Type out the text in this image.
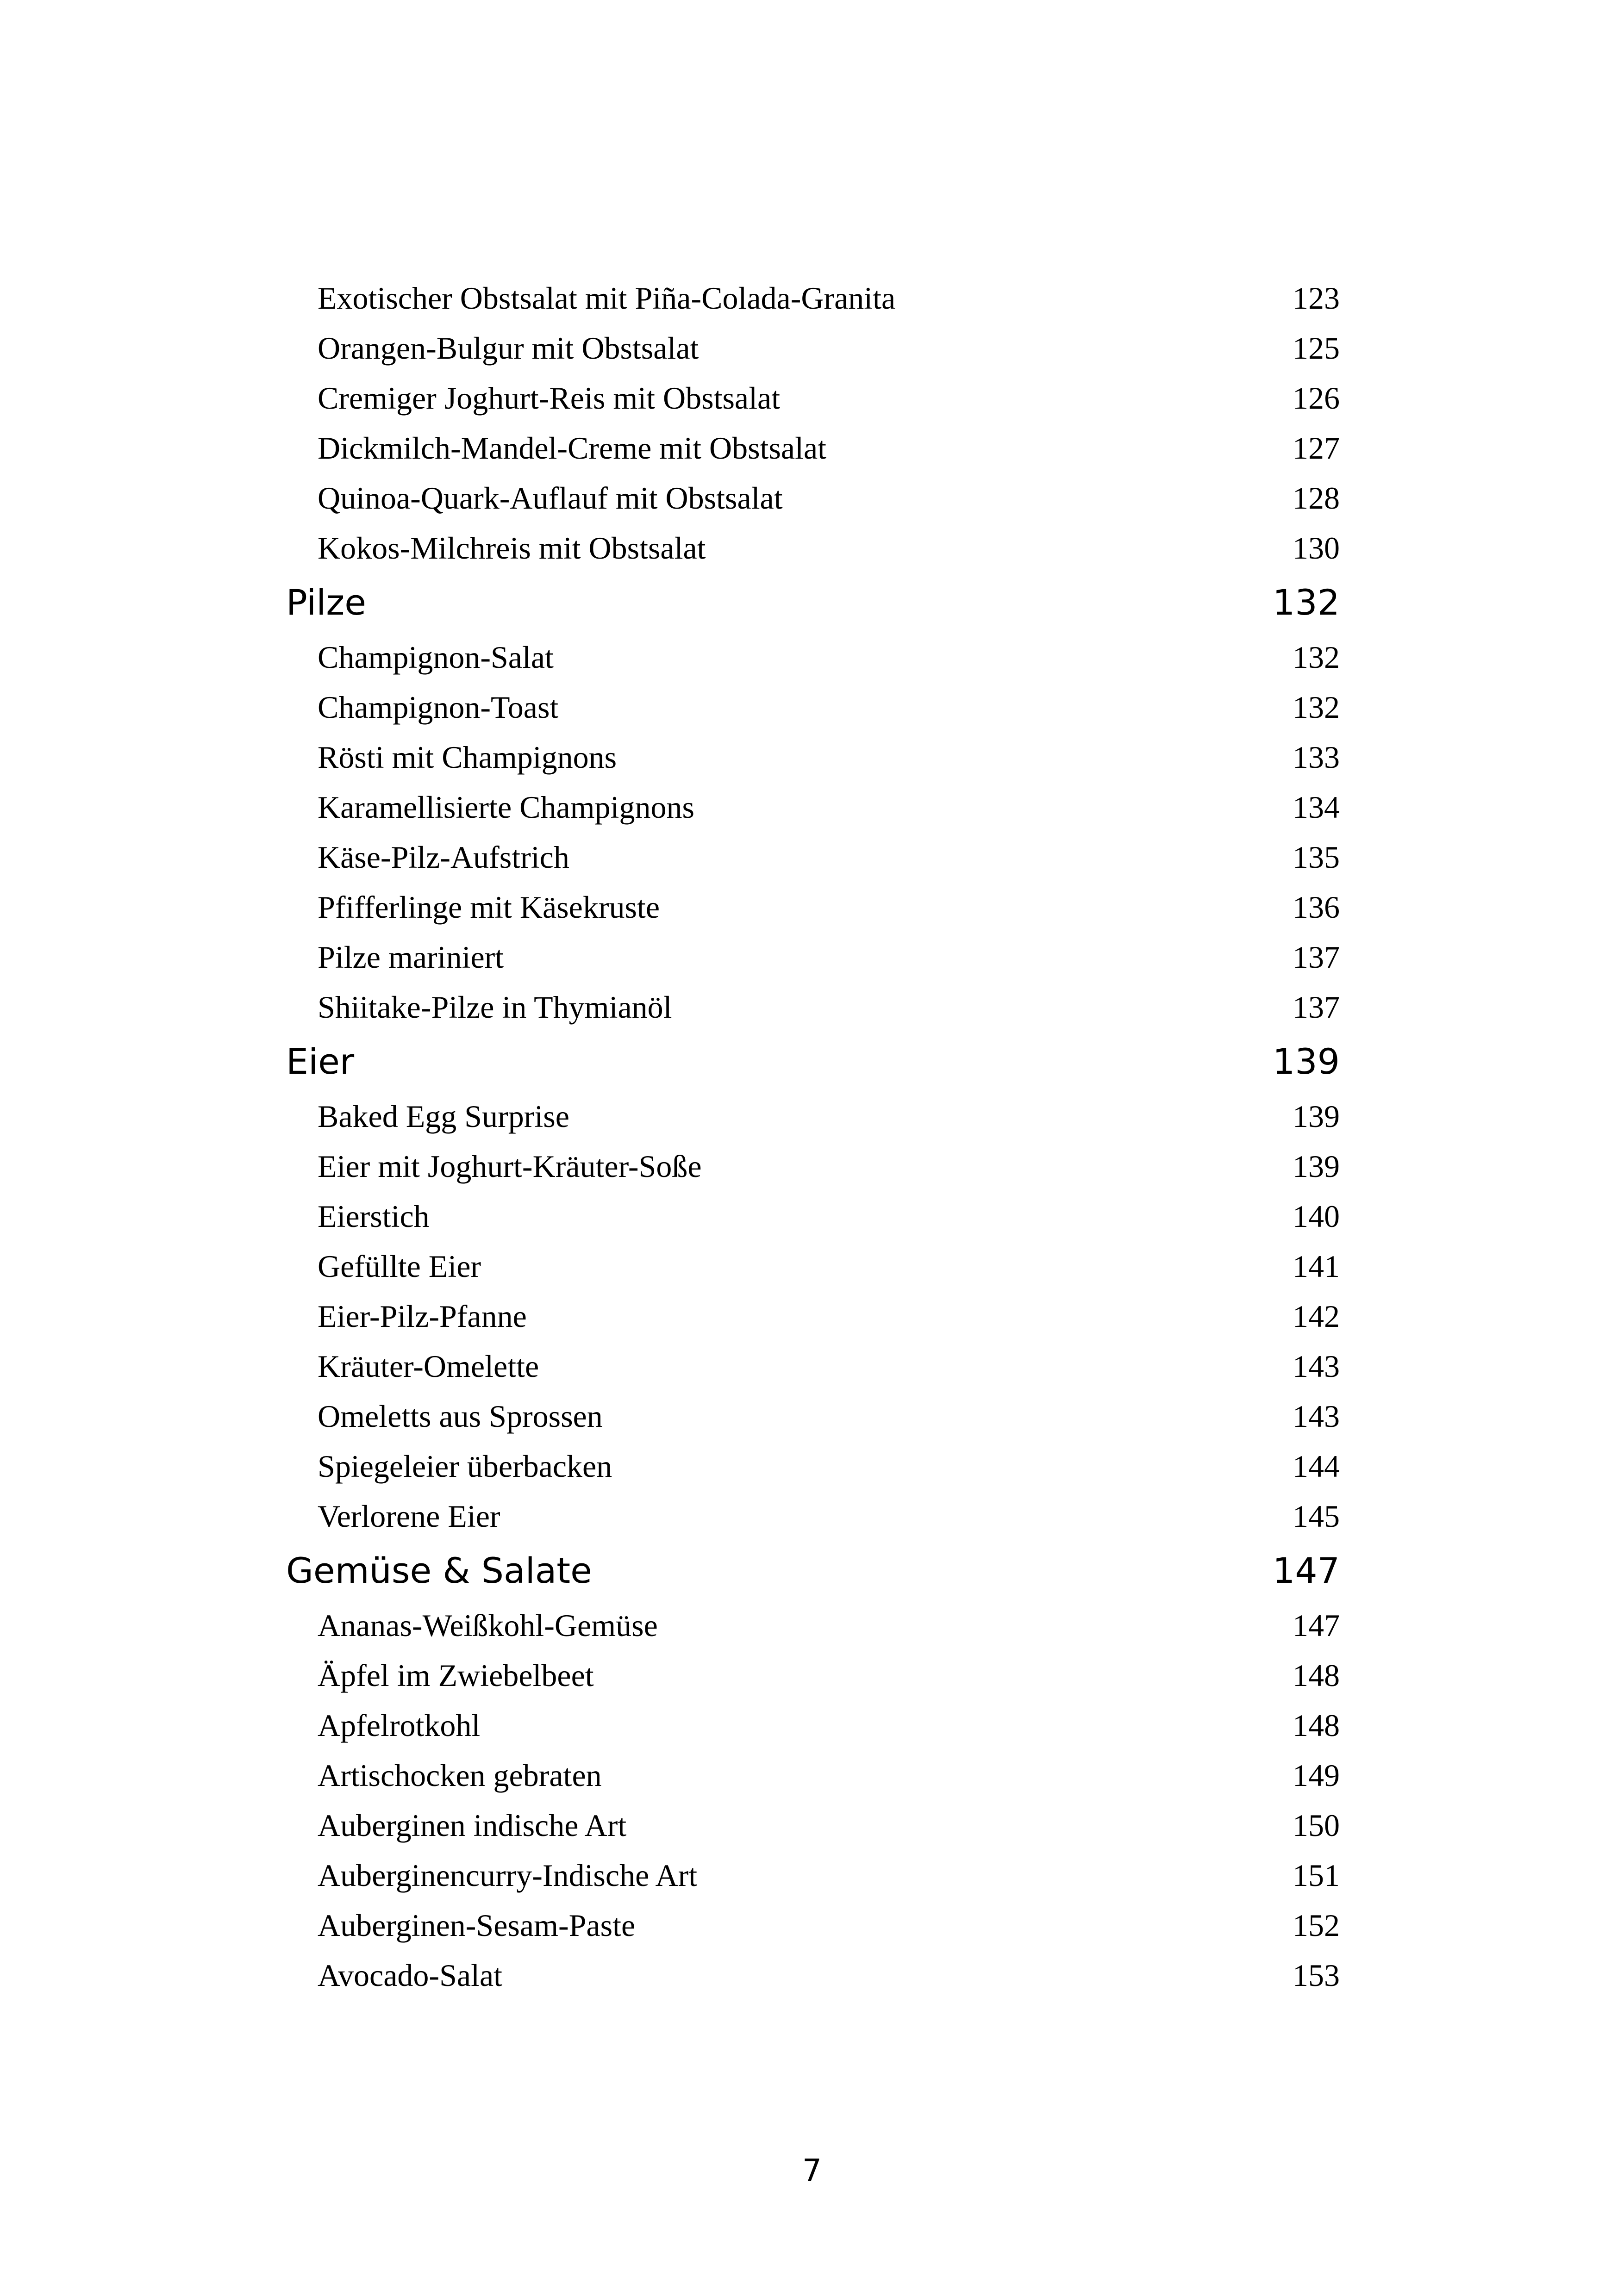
Exotischer Obstsalat mit Piña-Colada-Granita	123
Orangen-Bulgur mit Obstsalat	125
Cremiger Joghurt-Reis mit Obstsalat	126
Dickmilch-Mandel-Creme mit Obstsalat	127
Quinoa-Quark-Auflauf mit Obstsalat	128
Kokos-Milchreis mit Obstsalat	130
Pilze	132
Champignon-Salat	132
Champignon-Toast	132
Rösti mit Champignons	133
Karamellisierte Champignons	134
Käse-Pilz-Aufstrich	135
Pfifferlinge mit Käsekruste	136
Pilze mariniert	137
Shiitake-Pilze in Thymianöl	137
Eier	139
Baked Egg Surprise	139
Eier mit Joghurt-Kräuter-Soße	139
Eierstich	140
Gefüllte Eier	141
Eier-Pilz-Pfanne	142
Kräuter-Omelette	143
Omeletts aus Sprossen	143
Spiegeleier überbacken	144
Verlorene Eier	145
Gemüse & Salate	147
Ananas-Weißkohl-Gemüse	147
Äpfel im Zwiebelbeet	148
Apfelrotkohl	148
Artischocken gebraten	149
Auberginen indische Art	150
Auberginencurry-Indische Art	151
Auberginen-Sesam-Paste	152
Avocado-Salat	153
7
